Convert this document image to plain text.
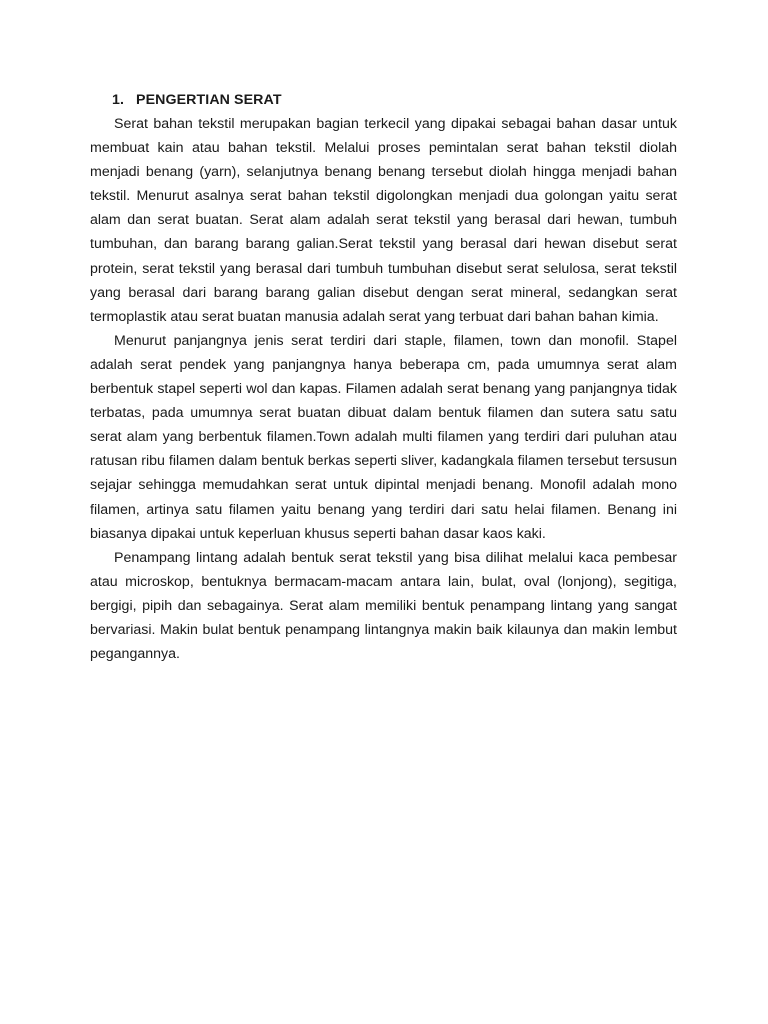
1. PENGERTIAN SERAT

Serat bahan tekstil merupakan bagian terkecil yang dipakai sebagai bahan dasar untuk membuat kain atau bahan tekstil. Melalui proses pemintalan serat bahan tekstil diolah menjadi benang (yarn), selanjutnya benang benang tersebut diolah hingga menjadi bahan tekstil. Menurut asalnya serat bahan tekstil digolongkan menjadi dua golongan yaitu serat alam dan serat buatan. Serat alam adalah serat tekstil yang berasal dari hewan, tumbuh tumbuhan, dan barang barang galian.Serat tekstil yang berasal dari hewan disebut serat protein, serat tekstil yang berasal dari tumbuh tumbuhan disebut serat selulosa, serat tekstil yang berasal dari barang barang galian disebut dengan serat mineral, sedangkan serat termoplastik atau serat buatan manusia adalah serat yang terbuat dari bahan bahan kimia.

Menurut panjangnya jenis serat terdiri dari staple, filamen, town dan monofil. Stapel adalah serat pendek yang panjangnya hanya beberapa cm, pada umumnya serat alam berbentuk stapel seperti wol dan kapas. Filamen adalah serat benang yang panjangnya tidak terbatas, pada umumnya serat buatan dibuat dalam bentuk filamen dan sutera satu satu serat alam yang berbentuk filamen.Town adalah multi filamen yang terdiri dari puluhan atau ratusan ribu filamen dalam bentuk berkas seperti sliver, kadangkala filamen tersebut tersusun sejajar sehingga memudahkan serat untuk dipintal menjadi benang. Monofil adalah mono filamen, artinya satu filamen yaitu benang yang terdiri dari satu helai filamen. Benang ini biasanya dipakai untuk keperluan khusus seperti bahan dasar kaos kaki.

Penampang lintang adalah bentuk serat tekstil yang bisa dilihat melalui kaca pembesar atau microskop, bentuknya bermacam-macam antara lain, bulat, oval (lonjong), segitiga, bergigi, pipih dan sebagainya. Serat alam memiliki bentuk penampang lintang yang sangat bervariasi. Makin bulat bentuk penampang lintangnya makin baik kilaunya dan makin lembut pegangannya.
